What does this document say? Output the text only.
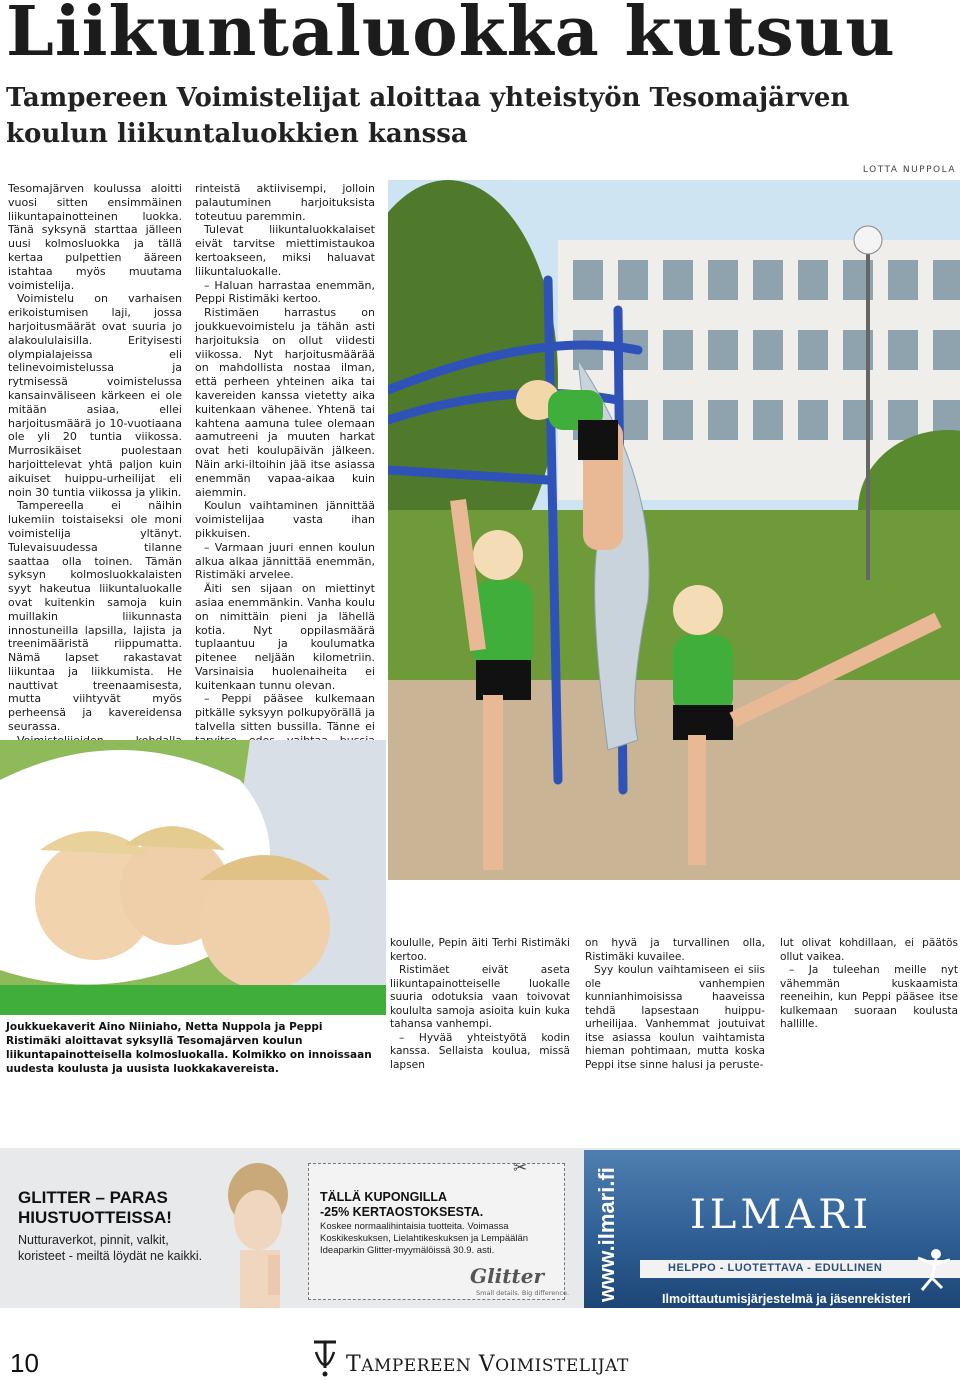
Liikuntaluokka kutsuu
Tampereen Voimistelijat aloittaa yhteistyön Tesomajärven koulun liikuntaluokkien kanssa
LOTTA NUPPOLA

Tesomajärven koulussa aloitti vuosi sitten ensimmäinen liikuntapainotteinen luokka. Tänä syksynä starttaa jälleen uusi kolmosluokka ja tällä kertaa pulpettien ääreen istahtaa myös muutama voimistelija.

Voimistelu on varhaisen erikoistumisen laji, jossa harjoitusmäärät ovat suuria jo alakoululaisilla. Erityisesti olympialajeissa eli telinevoimistelussa ja rytmisessä voimistelussa kansainväliseen kärkeen ei ole mitään asiaa, ellei harjoitusmäärä jo 10-vuotiaana ole yli 20 tuntia viikossa. Murrosikäiset puolestaan harjoittelevat yhtä paljon kuin aikuiset huippu-urheilijat eli noin 30 tuntia viikossa ja ylikin.

Tampereella ei näihin lukemiin toistaiseksi ole moni voimistelija yltänyt. Tulevaisuudessa tilanne saattaa olla toinen. Tämän syksyn kolmosluokkalaisten syyt hakeutua liikuntaluokalle ovat kuitenkin samoja kuin muillakin liikunnasta innostuneilla lapsilla, lajista ja treenimääristä riippumatta. Nämä lapset rakastavat liikuntaa ja liikkumista. He nauttivat treenaamisesta, mutta viihtyvät myös perheensä ja kavereidensa seurassa.

rinteistä aktiivisempi, jolloin palautuminen harjoituksista toteutuu paremmin.

Tulevat liikuntaluokkalaiset eivät tarvitse miettimistaukoa kertoakseen, miksi haluavat liikuntaluokalle.

– Haluan harrastaa enemmän, Peppi Ristimäki kertoo.

Ristimäen harrastus on joukkuevoimistelu ja tähän asti harjoituksia on ollut viidesti viikossa. Nyt harjoitusmäärää on mahdollista nostaa ilman, että perheen yhteinen aika tai kavereiden kanssa vietetty aika kuitenkaan vähenee. Yhtenä tai kahtena aamuna tulee olemaan aamutreeni ja muuten harkat ovat heti koulupäivän jälkeen. Näin arki-iltoihin jää itse asiassa enemmän vapaa-aikaa kuin aiemmin.

Koulun vaihtaminen jännittää voimistelijaa vasta ihan pikkuisen.

– Varmaan juuri ennen koulun alkua alkaa jännittää enemmän, Ristimäki arvelee.

Äiti sen sijaan on miettinyt asiaa enemmänkin. Vanha koulu on nimittäin pieni ja lähellä kotia. Nyt oppilasmäärä tuplaantuu ja koulumatka pitenee neljään kilometriin. Varsinaisia huolenaiheita ei kuitenkaan tunnu olevan.

– Peppi pääsee kulkemaan pitkälle syksyyn polkupyörällä ja talvella sitten bussilla. Tänne ei

Joukkuekaverit Aino Niiniaho, Netta Nuppola ja Peppi Ristimäki aloittavat syksyllä Tesomajärven koulun liikuntapainotteisella kolmosluokalla. Kolmikko on innoissaan uudesta koulusta ja uusista luokkakavereista.

koululle, Pepin äiti Terhi Ristimäki kertoo.

Ristimäet eivät aseta liikuntapainotteiselle luokalle suuria odotuksia vaan toivovat koululta samoja asioita kuin kuka tahansa vanhempi.

– Hyvää yhteistyötä kodin kanssa. Sellaista koulua, missä lapsen

on hyvä ja turvallinen olla, Ristimäki kuvailee.

Syy koulun vaihtamiseen ei siis ole vanhempien kunnianhimoisissa haaveissa tehdä lapsestaan huippu-urheilijaa. Vanhemmat joutuivat itse asiassa koulun vaihtamista hieman pohtimaan, mutta koska Peppi itse sinne halusi ja peruste-

lut olivat kohdillaan, ei päätös ollut vaikea.

– Ja tuleehan meille nyt vähemmän kuskaamista reeneihin, kun Peppi pääsee itse kulkemaan suoraan koulusta hallille.

GLITTER – PARAS
HIUSTUOTTEISSA!
Nutturaverkot, pinnit, valkit, koristeet - meiltä löydät ne kaikki.
✂
TÄLLÄ KUPONGILLA
-25% KERTAOSTOKSESTA.
Koskee normaalihintaisia tuotteita. Voimassa Koskikeskuksen, Lielahtikeskuksen ja Lempäälän Ideaparkin Glitter-myymälöissä 30.9. asti.
Glitter
Small details. Big difference. www.ilmari.fi ILMARI
HELPPO - LUOTETTAVA - EDULLINEN
Ilmoittautumisjärjestelmä ja jäsenrekisteri
10	TAMPEREEN VOIMISTELIJAT
